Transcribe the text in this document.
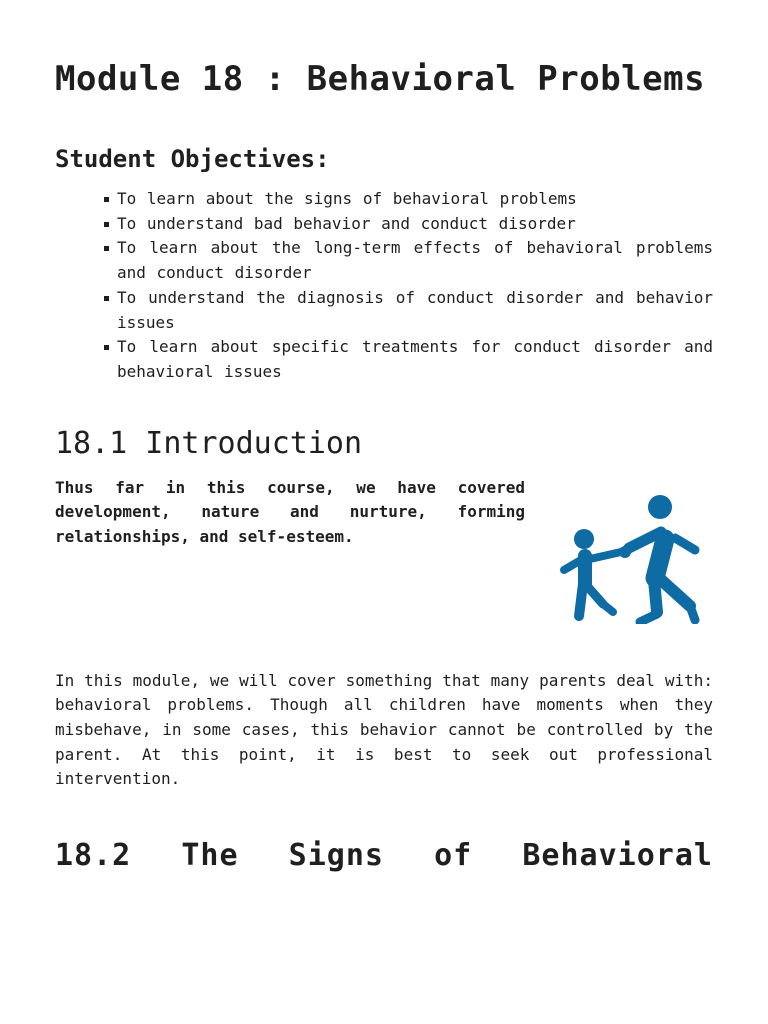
Module 18 : Behavioral Problems
Student Objectives:
To learn about the signs of behavioral problems
To understand bad behavior and conduct disorder
To learn about the long-term effects of behavioral problems and conduct disorder
To understand the diagnosis of conduct disorder and behavior issues
To learn about specific treatments for conduct disorder and behavioral issues
18.1 Introduction

Thus far in this course, we have covered development, nature and nurture, forming relationships, and self-esteem.

In this module, we will cover something that many parents deal with: behavioral problems. Though all children have moments when they misbehave, in some cases, this behavior cannot be controlled by the parent. At this point, it is best to seek out professional intervention.

18.2 The Signs of Behavioral
